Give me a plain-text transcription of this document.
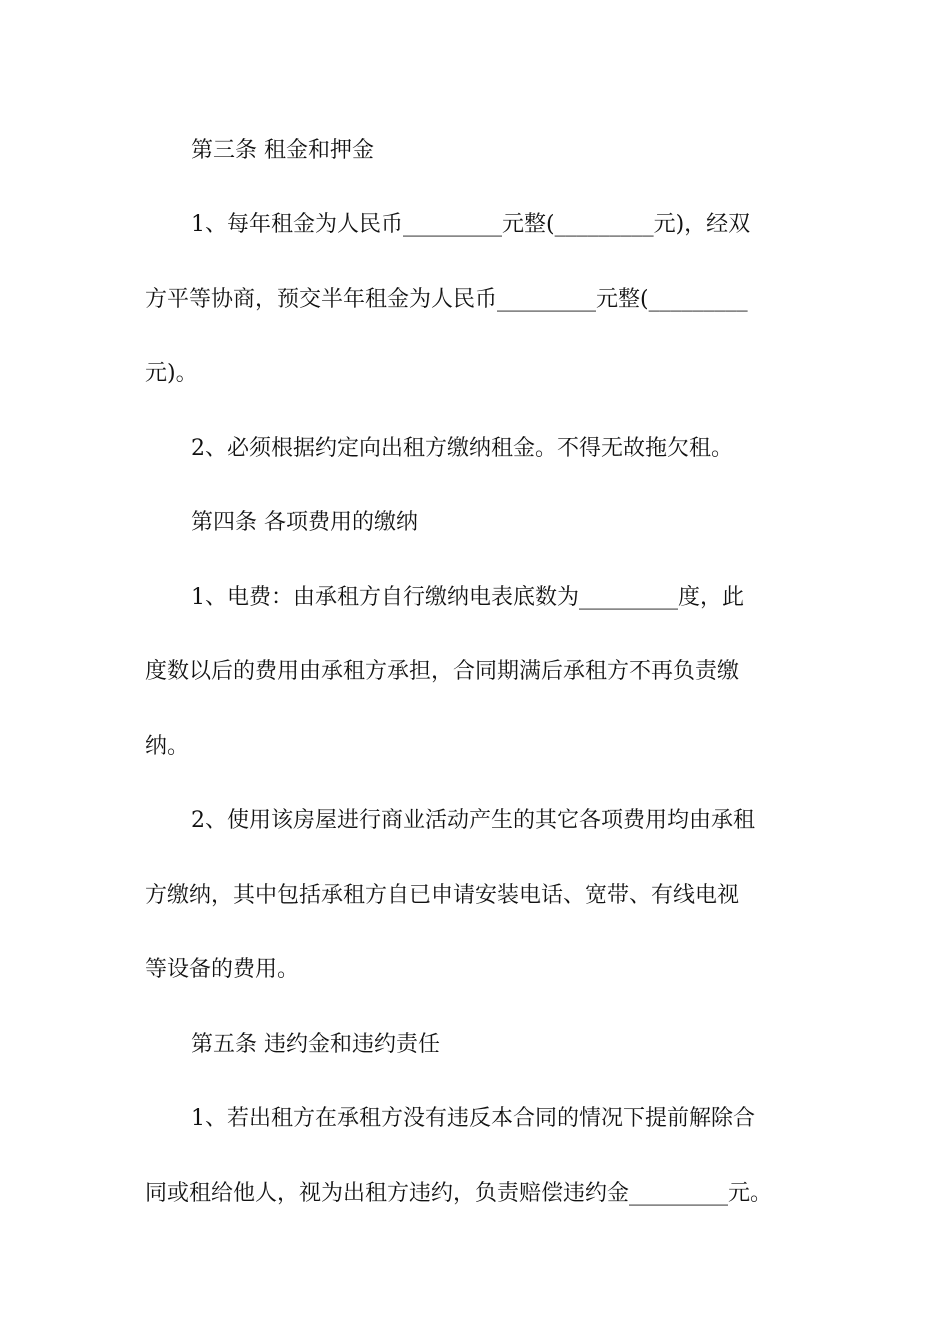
第三条 租金和押金
1、每年租金为人民币_________元整(_________元)，经双
方平等协商，预交半年租金为人民币_________元整(_________
元)。
2、必须根据约定向出租方缴纳租金。不得无故拖欠租。
第四条 各项费用的缴纳
1、电费：由承租方自行缴纳电表底数为_________度，此
度数以后的费用由承租方承担，合同期满后承租方不再负责缴
纳。
2、使用该房屋进行商业活动产生的其它各项费用均由承租
方缴纳，其中包括承租方自已申请安装电话、宽带、有线电视
等设备的费用。
第五条 违约金和违约责任
1、若出租方在承租方没有违反本合同的情况下提前解除合
同或租给他人，视为出租方违约，负责赔偿违约金_________元。
